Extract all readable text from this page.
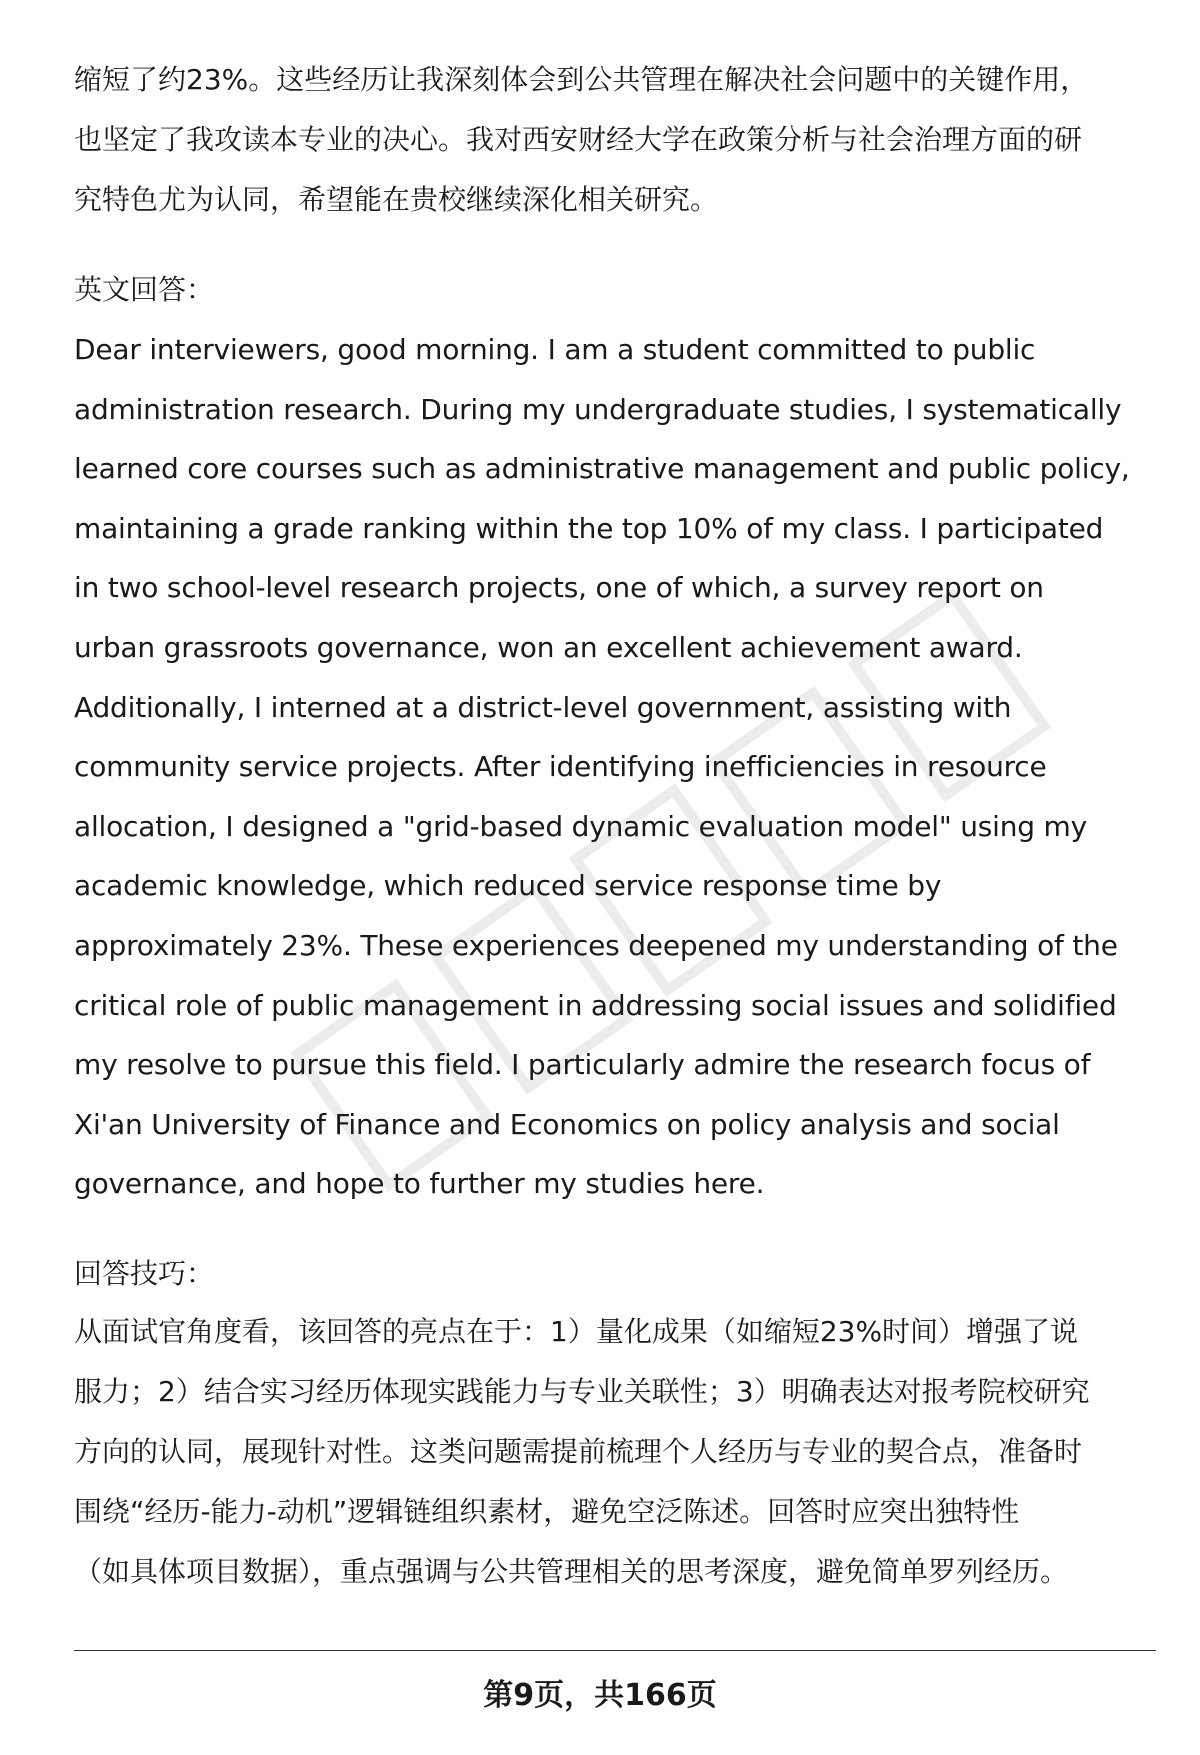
缩短了约23%。这些经历让我深刻体会到公共管理在解决社会问题中的关键作用，
也坚定了我攻读本专业的决心。我对西安财经大学在政策分析与社会治理方面的研
究特色尤为认同，希望能在贵校继续深化相关研究。
英文回答：
Dear interviewers, good morning. I am a student committed to public
administration research. During my undergraduate studies, I systematically
learned core courses such as administrative management and public policy,
maintaining a grade ranking within the top 10% of my class. I participated
in two school-level research projects, one of which, a survey report on
urban grassroots governance, won an excellent achievement award.
Additionally, I interned at a district-level government, assisting with
community service projects. After identifying inefficiencies in resource
allocation, I designed a "grid-based dynamic evaluation model" using my
academic knowledge, which reduced service response time by
approximately 23%. These experiences deepened my understanding of the
critical role of public management in addressing social issues and solidified
my resolve to pursue this field. I particularly admire the research focus of
Xi'an University of Finance and Economics on policy analysis and social
governance, and hope to further my studies here.
回答技巧：
从面试官角度看，该回答的亮点在于：1）量化成果（如缩短23%时间）增强了说
服力；2）结合实习经历体现实践能力与专业关联性；3）明确表达对报考院校研究
方向的认同，展现针对性。这类问题需提前梳理个人经历与专业的契合点，准备时
围绕“经历-能力-动机”逻辑链组织素材，避免空泛陈述。回答时应突出独特性
（如具体项目数据），重点强调与公共管理相关的思考深度，避免简单罗列经历。
第9页，共166页
